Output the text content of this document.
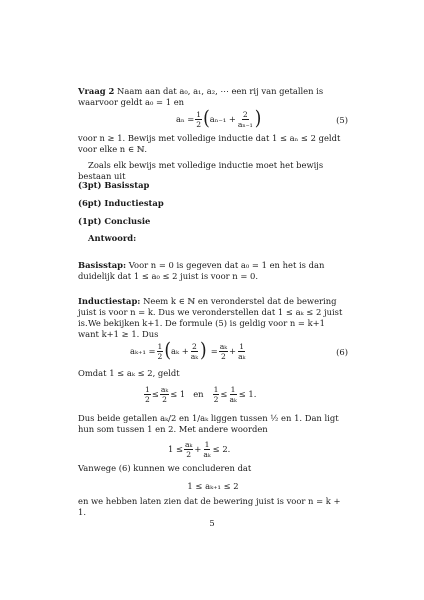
Vraag 2 Naam aan dat a₀, a₁, a₂, ⋯ een rij van getallen is waarvoor geldt a₀ = 1 en

$a_n = \frac{1}{2}$ ( $a_{n-1} + \frac{2}{\text{aₙ₋₁}}$ )	(5)

voor n ≥ 1. Bewijs met volledige inductie dat 1 ≤ aₙ ≤ 2 geldt voor elke n ∈ ℕ.

Zoals elk bewijs met volledige inductie moet het bewijs bestaan uit

(3pt) Basisstap

(6pt) Inductiestap

(1pt) Conclusie

Antwoord:

Basisstap: Voor n = 0 is gegeven dat a₀ = 1 en het is dan duidelijk dat 1 ≤ a₀ ≤ 2 juist is voor n = 0.

Inductiestap: Neem k ∈ ℕ en veronderstel dat de bewering juist is voor n = k. Dus we veronderstellen dat 1 ≤ aₖ ≤ 2 juist is. We bekijken k+1. De formule (5) is geldig voor n = k+1 want k+1 ≥ 1. Dus

$a_{k+1} = \frac{1}{2}$ ( $a_k + \frac{2}{\text{aₖ}}$ ) = $\frac{\text{aₖ}}{2} + \frac{1}{\text{aₖ}}$	(6)

Omdat 1 ≤ aₖ ≤ 2, geldt

$\frac{1}{2} \le \frac{\text{aₖ}}{2} \le 1$ en $\frac{1}{2} \le \frac{1}{\text{aₖ}} \le 1$.

Dus beide getallen aₖ/2 en 1/aₖ liggen tussen ½ en 1. Dan ligt hun som tussen 1 en 2. Met andere woorden

$1 \le \frac{\text{aₖ}}{2} + \frac{1}{\text{aₖ}} \le 2$.

Vanwege (6) kunnen we concluderen dat

1 ≤ aₖ₊₁ ≤ 2

en we hebben laten zien dat de bewering juist is voor n = k + 1.

5
